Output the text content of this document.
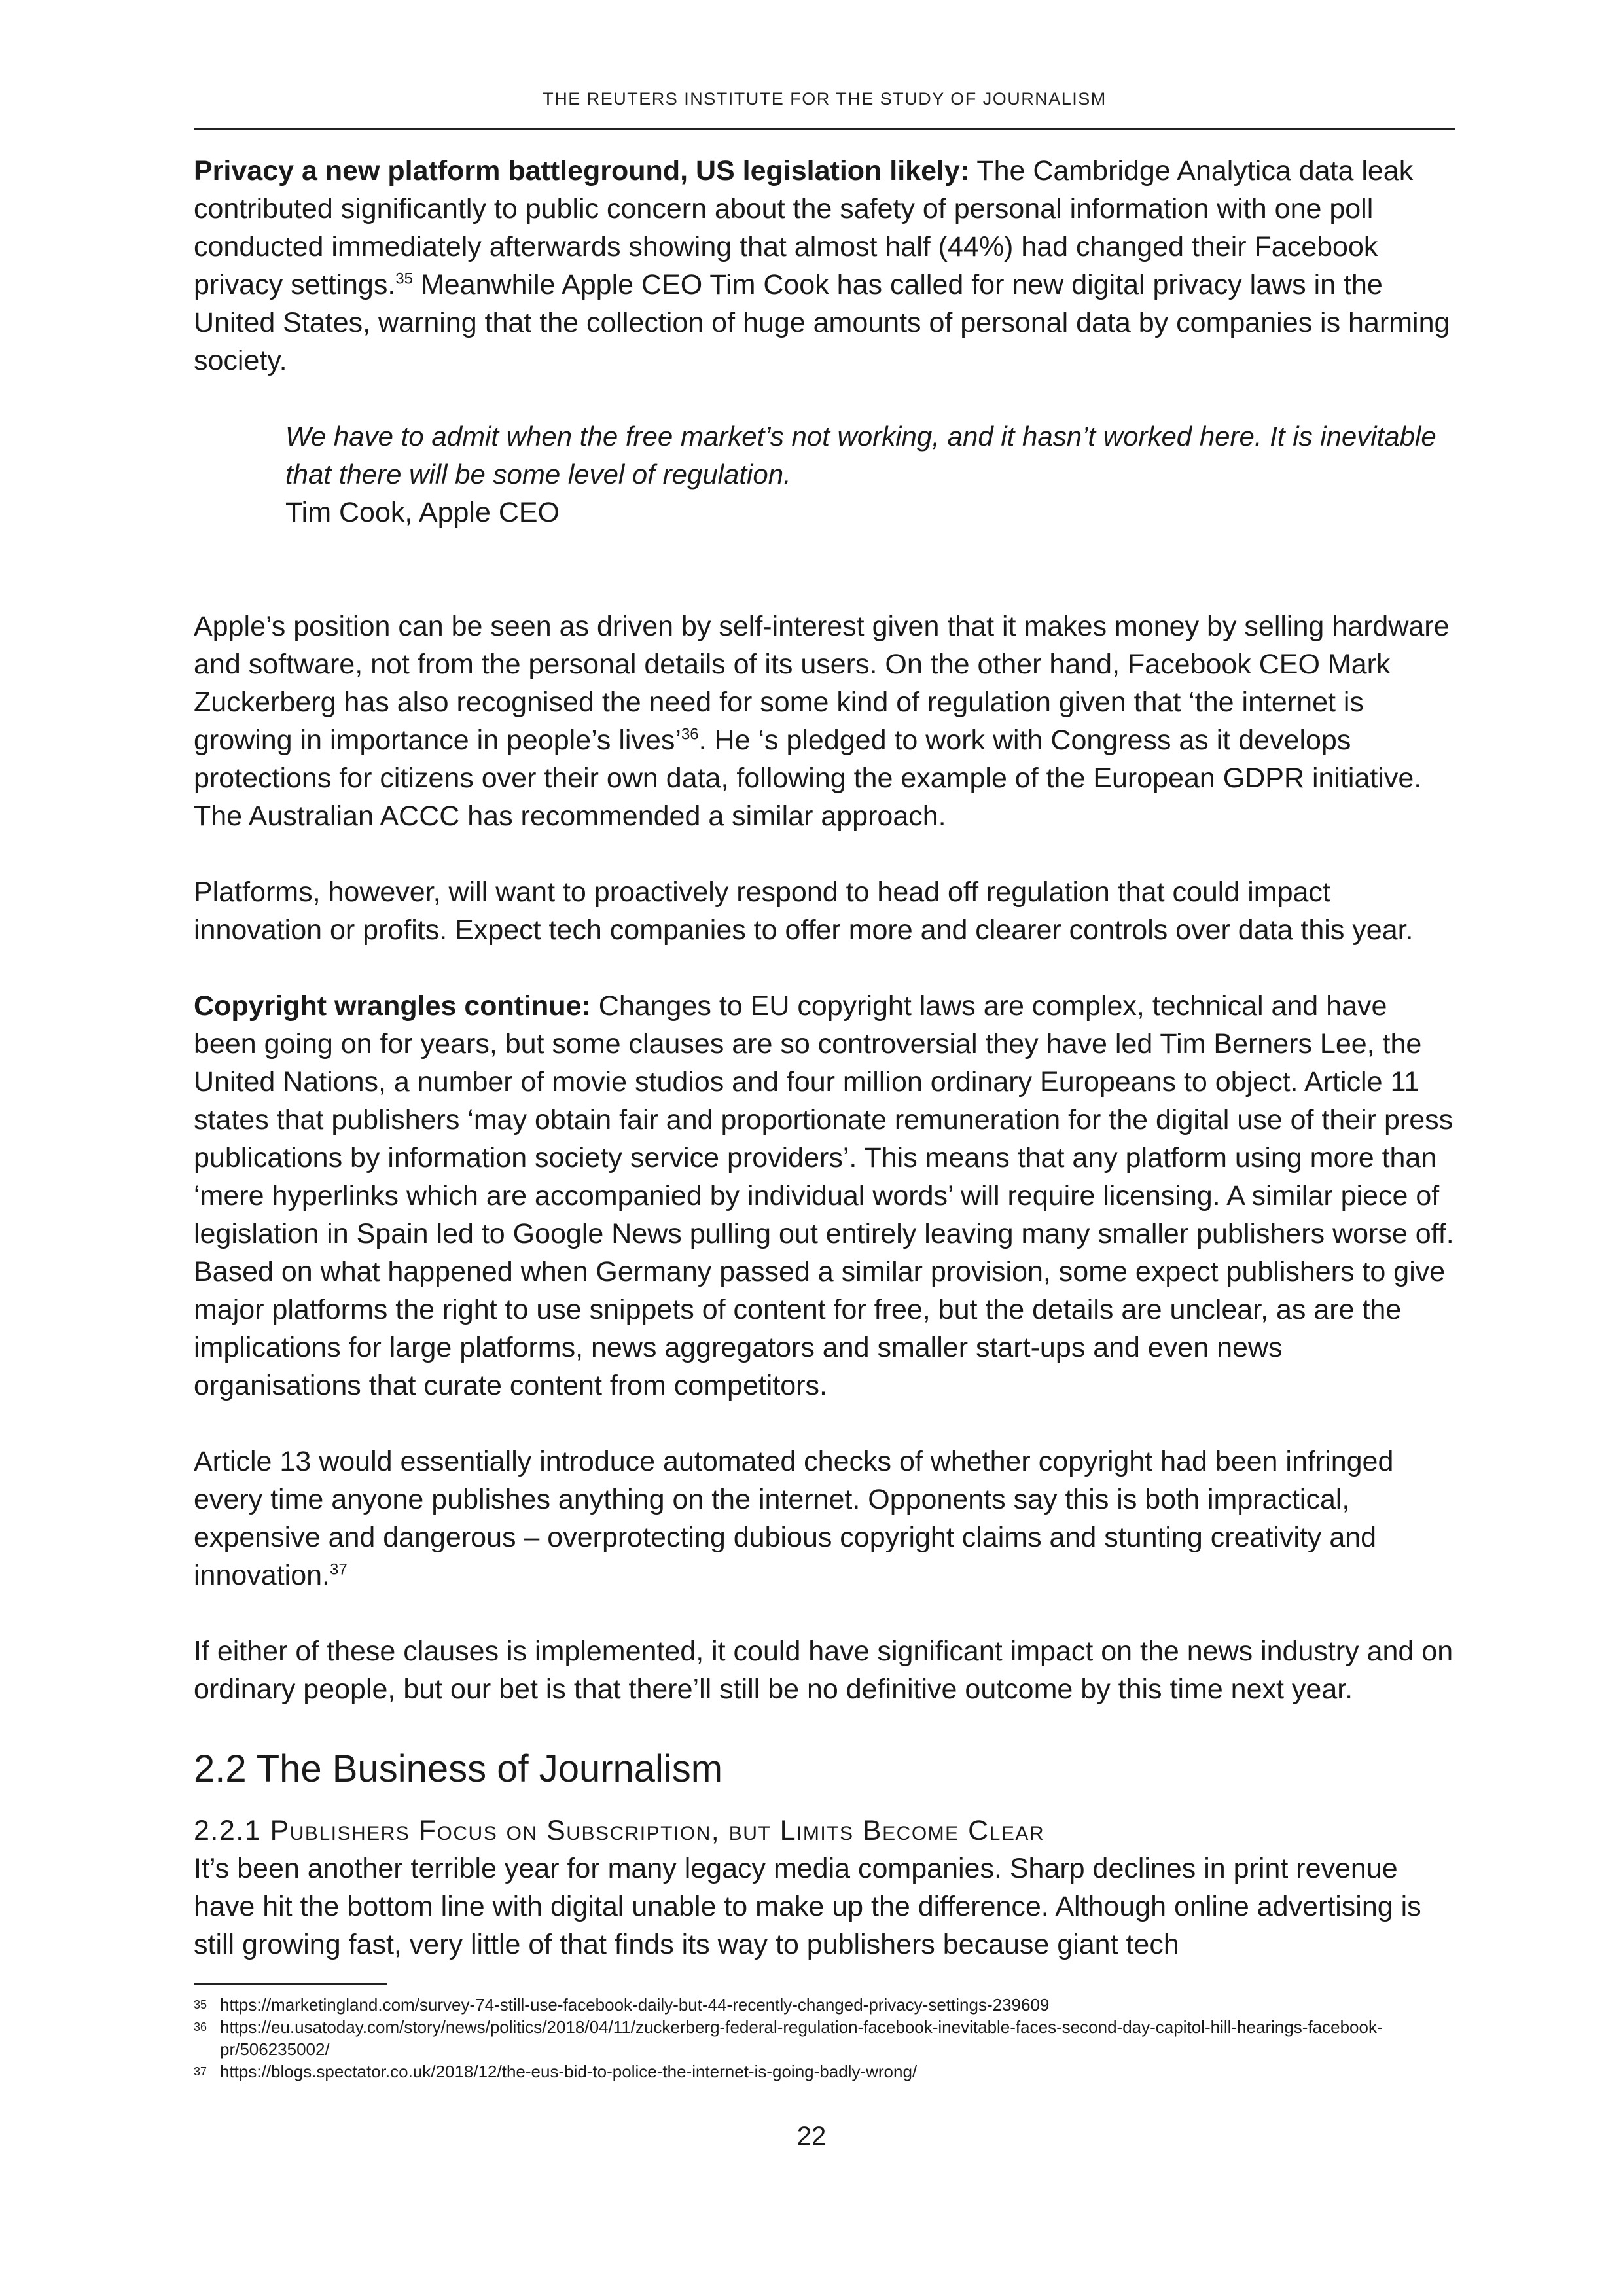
THE REUTERS INSTITUTE FOR THE STUDY OF JOURNALISM

Privacy a new platform battleground, US legislation likely: The Cambridge Analytica data leak contributed significantly to public concern about the safety of personal information with one poll conducted immediately afterwards showing that almost half (44%) had changed their Facebook privacy settings.$^{35}$ Meanwhile Apple CEO Tim Cook has called for new digital privacy laws in the United States, warning that the collection of huge amounts of personal data by companies is harming society.

We have to admit when the free market’s not working, and it hasn’t worked here. It is inevitable that there will be some level of regulation.

Tim Cook, Apple CEO

Apple’s position can be seen as driven by self-interest given that it makes money by selling hardware and software, not from the personal details of its users. On the other hand, Facebook CEO Mark Zuckerberg has also recognised the need for some kind of regulation given that ‘the internet is growing in importance in people’s lives’$^{36}$. He ‘s pledged to work with Congress as it develops protections for citizens over their own data, following the example of the European GDPR initiative. The Australian ACCC has recommended a similar approach.

Platforms, however, will want to proactively respond to head off regulation that could impact innovation or profits. Expect tech companies to offer more and clearer controls over data this year.

Copyright wrangles continue: Changes to EU copyright laws are complex, technical and have been going on for years, but some clauses are so controversial they have led Tim Berners Lee, the United Nations, a number of movie studios and four million ordinary Europeans to object. Article 11 states that publishers ‘may obtain fair and proportionate remuneration for the digital use of their press publications by information society service providers’. This means that any platform using more than ‘mere hyperlinks which are accompanied by individual words’ will require licensing. A similar piece of legislation in Spain led to Google News pulling out entirely leaving many smaller publishers worse off. Based on what happened when Germany passed a similar provision, some expect publishers to give major platforms the right to use snippets of content for free, but the details are unclear, as are the implications for large platforms, news aggregators and smaller start-ups and even news organisations that curate content from competitors.

Article 13 would essentially introduce automated checks of whether copyright had been infringed every time anyone publishes anything on the internet. Opponents say this is both impractical, expensive and dangerous – overprotecting dubious copyright claims and stunting creativity and innovation.$^{37}$

If either of these clauses is implemented, it could have significant impact on the news industry and on ordinary people, but our bet is that there’ll still be no definitive outcome by this time next year.

2.2 The Business of Journalism
2.2.1 Publishers Focus on Subscription, but Limits Become Clear

It’s been another terrible year for many legacy media companies. Sharp declines in print revenue have hit the bottom line with digital unable to make up the difference. Although online advertising is still growing fast, very little of that finds its way to publishers because giant tech

35 https://marketingland.com/survey-74-still-use-facebook-daily-but-44-recently-changed-privacy-settings-239609
36 https://eu.usatoday.com/story/news/politics/2018/04/11/zuckerberg-federal-regulation-facebook-inevitable-faces-second-day-capitol-hill-hearings-facebook-pr/506235002/
37 https://blogs.spectator.co.uk/2018/12/the-eus-bid-to-police-the-internet-is-going-badly-wrong/
22
